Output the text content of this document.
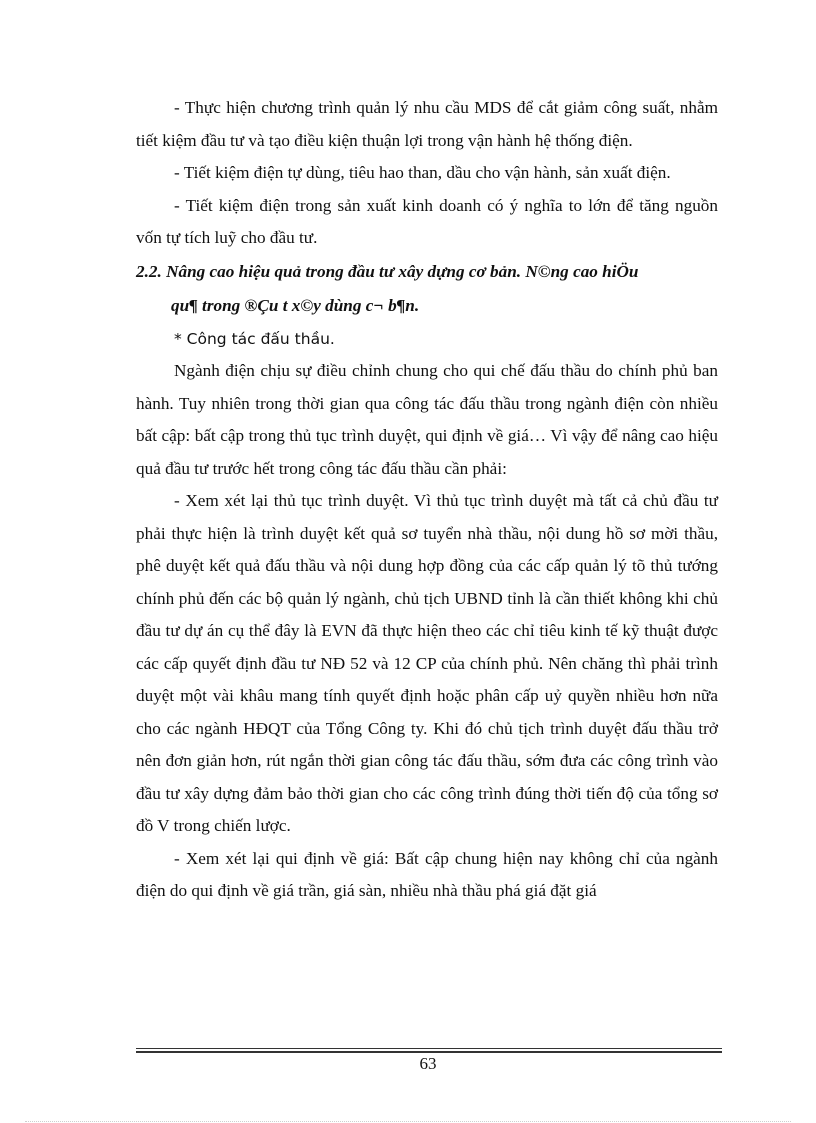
- Thực hiện chương trình quản lý nhu cầu MDS để cắt giảm công suất, nhằm tiết kiệm đầu tư và tạo điều kiện thuận lợi trong vận hành hệ thống điện.

- Tiết kiệm điện tự dùng, tiêu hao than, dầu cho vận hành, sản xuất điện.

- Tiết kiệm điện trong sản xuất kinh doanh có ý nghĩa to lớn để tăng nguồn vốn tự tích luỹ cho đầu tư.

2.2. Nâng cao hiệu quả trong đầu tư xây dựng cơ bản. N©ng cao hiÖu
qu¶ trong ®Çu t x©y dùng c¬ b¶n.

* Công tác đấu thầu.

Ngành điện chịu sự điều chỉnh chung cho qui chế đấu thầu do chính phủ ban hành. Tuy nhiên trong thời gian qua công tác đấu thầu trong ngành điện còn nhiều bất cập: bất cập trong thủ tục trình duyệt, qui định về giá… Vì vậy để nâng cao hiệu quả đầu tư trước hết trong công tác đấu thầu cần phải:

- Xem xét lại thủ tục trình duyệt. Vì thủ tục trình duyệt mà tất cả chủ đầu tư phải thực hiện là trình duyệt kết quả sơ tuyển nhà thầu, nội dung hồ sơ mời thầu, phê duyệt kết quả đấu thầu và nội dung hợp đồng của các cấp quản lý tõ thủ tướng chính phủ đến các bộ quản lý ngành, chủ tịch UBND tỉnh là cần thiết không khi chủ đầu tư dự án cụ thể đây là EVN đã thực hiện theo các chỉ tiêu kinh tế kỹ thuật được các cấp quyết định đầu tư NĐ 52 và 12 CP của chính phủ. Nên chăng thì phải trình duyệt một vài khâu mang tính quyết định hoặc phân cấp uỷ quyền nhiều hơn nữa cho các ngành HĐQT của Tổng Công ty. Khi đó chủ tịch trình duyệt đấu thầu trở nên đơn giản hơn, rút ngắn thời gian công tác đấu thầu, sớm đưa các công trình vào đầu tư xây dựng đảm bảo thời gian cho các công trình đúng thời tiến độ của tổng sơ đồ V trong chiến lược.

- Xem xét lại qui định về giá: Bất cập chung hiện nay không chỉ của ngành điện do qui định về giá trần, giá sàn, nhiều nhà thầu phá giá đặt giá

63
